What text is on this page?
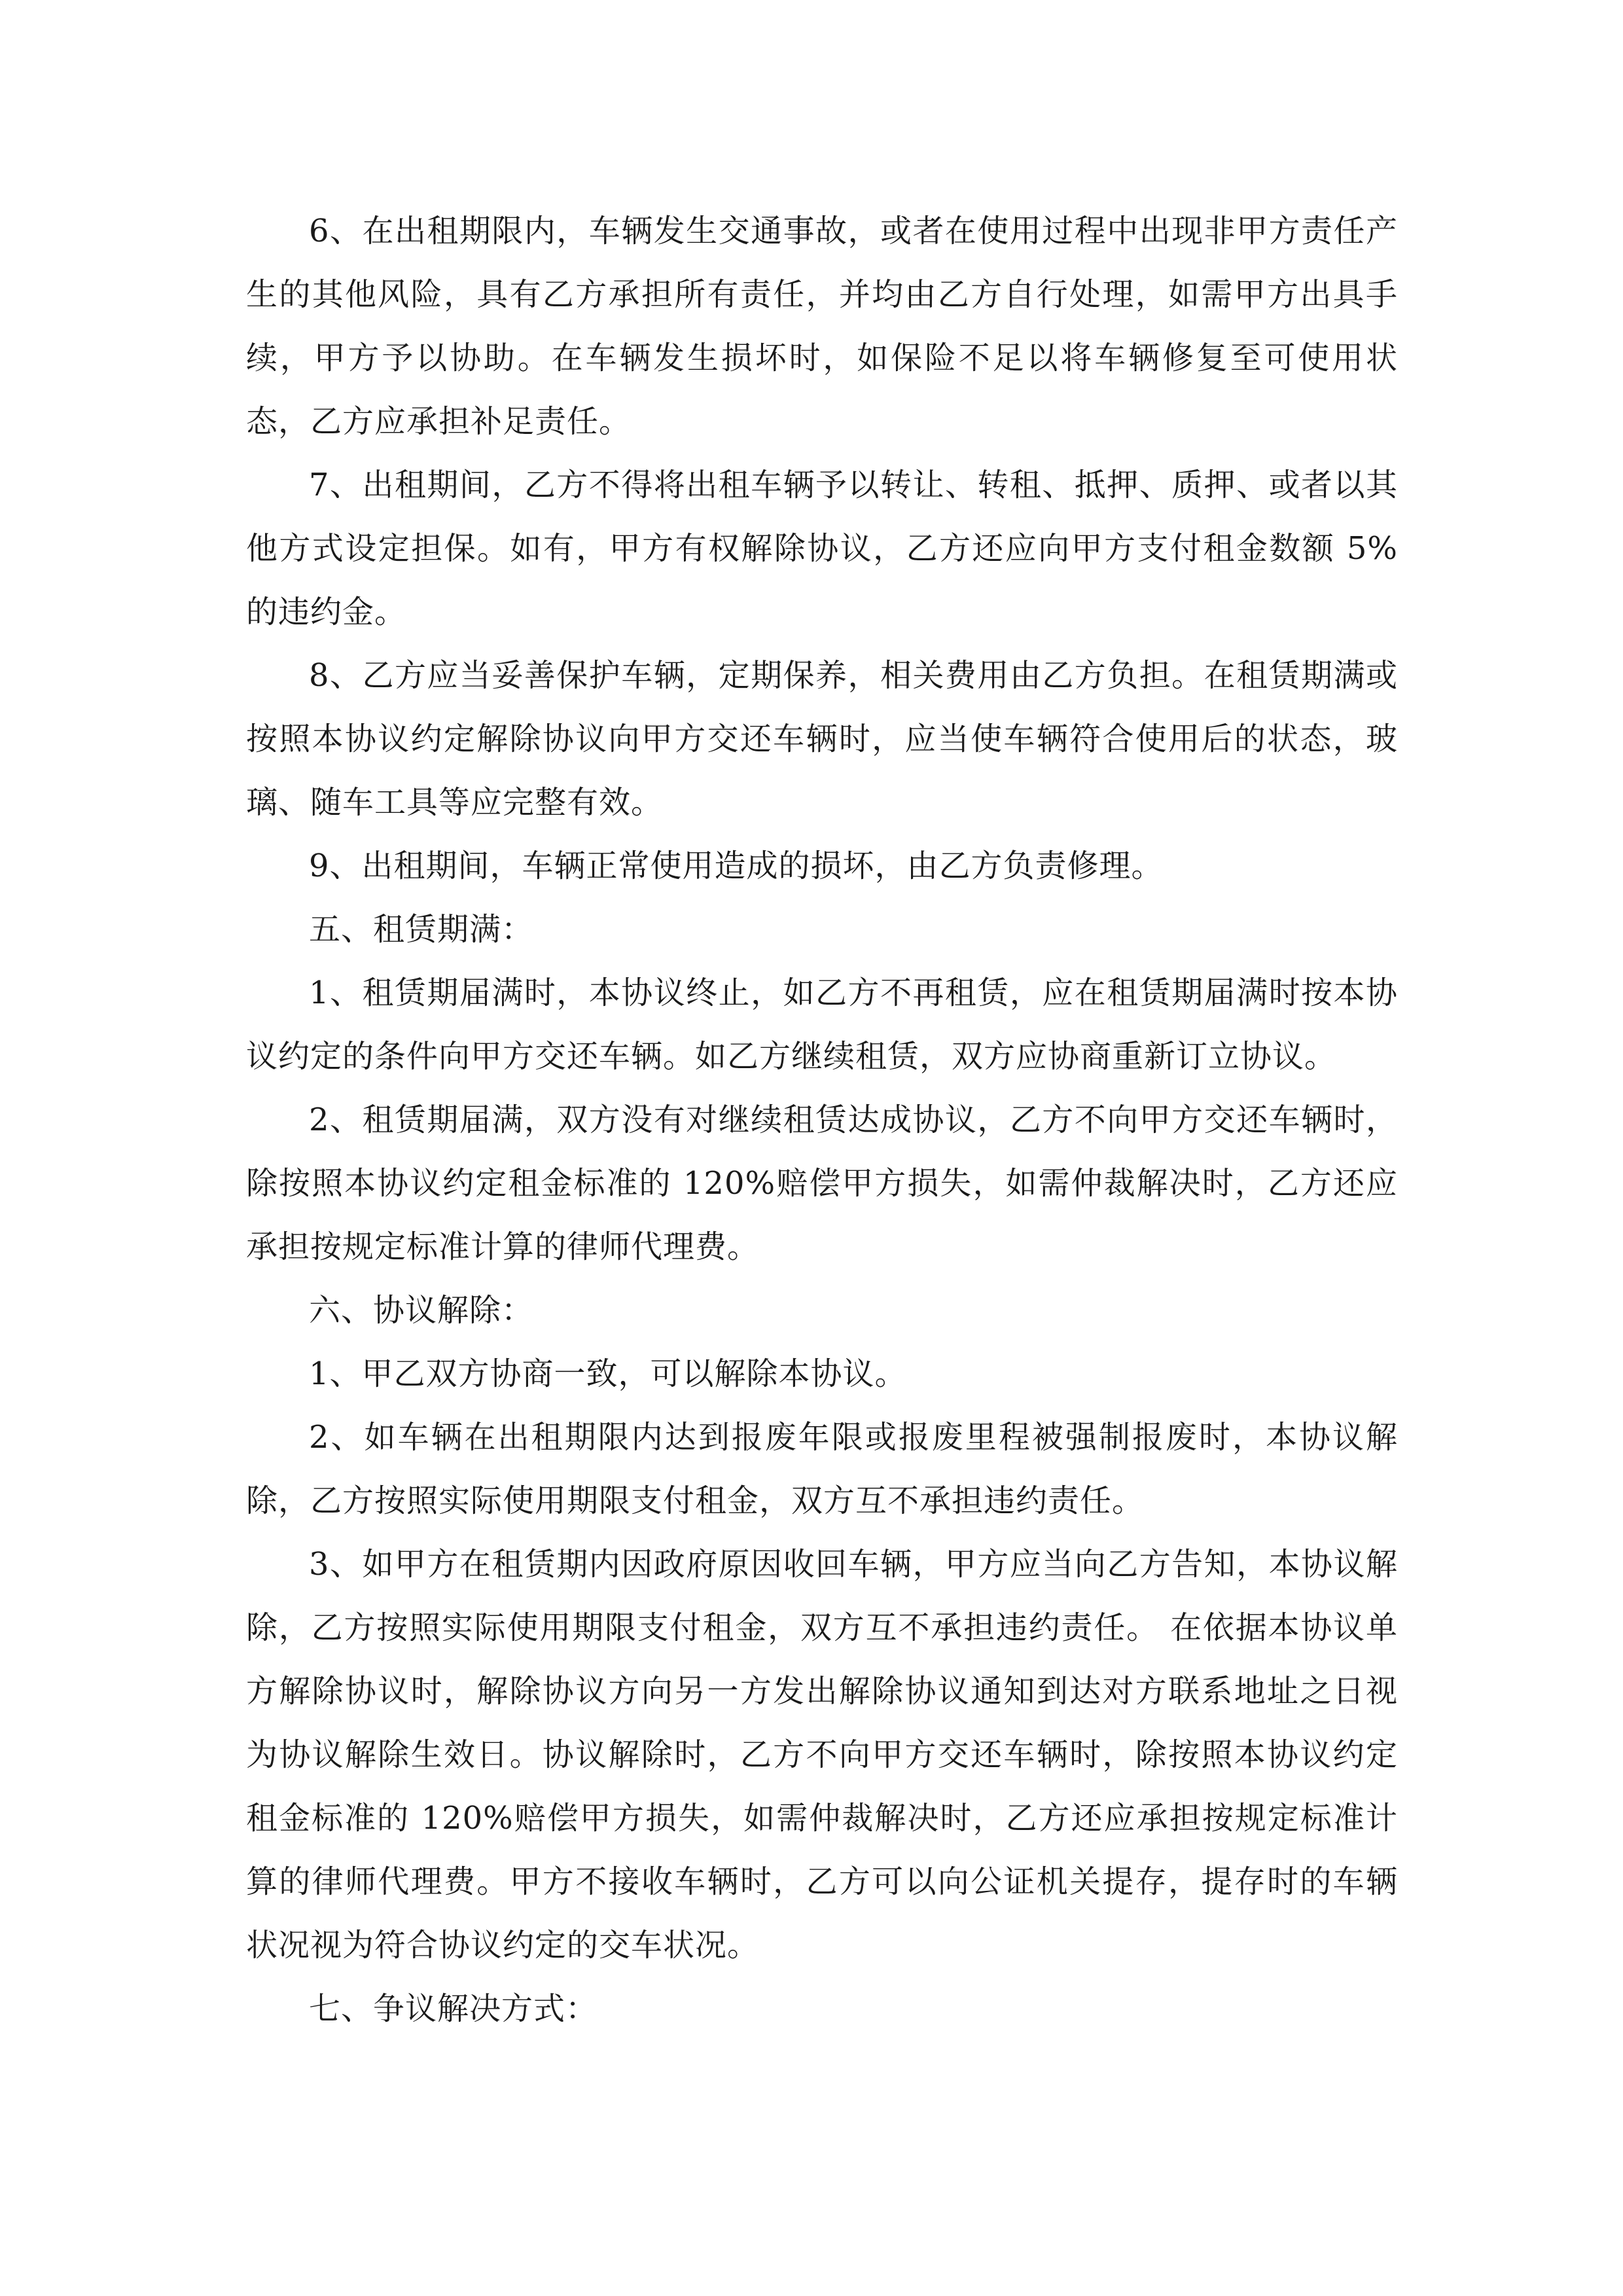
6、在出租期限内，车辆发生交通事故，或者在使用过程中出现非甲方责任产生的其他风险，具有乙方承担所有责任，并均由乙方自行处理，如需甲方出具手续，甲方予以协助。在车辆发生损坏时，如保险不足以将车辆修复至可使用状态，乙方应承担补足责任。

7、出租期间，乙方不得将出租车辆予以转让、转租、抵押、质押、或者以其他方式设定担保。如有，甲方有权解除协议，乙方还应向甲方支付租金数额 5%的违约金。

8、乙方应当妥善保护车辆，定期保养，相关费用由乙方负担。在租赁期满或按照本协议约定解除协议向甲方交还车辆时，应当使车辆符合使用后的状态，玻璃、随车工具等应完整有效。

9、出租期间，车辆正常使用造成的损坏，由乙方负责修理。

五、租赁期满：

1、租赁期届满时，本协议终止，如乙方不再租赁，应在租赁期届满时按本协议约定的条件向甲方交还车辆。如乙方继续租赁，双方应协商重新订立协议。

2、租赁期届满，双方没有对继续租赁达成协议，乙方不向甲方交还车辆时，除按照本协议约定租金标准的 120%赔偿甲方损失，如需仲裁解决时，乙方还应承担按规定标准计算的律师代理费。

六、协议解除：

1、甲乙双方协商一致，可以解除本协议。

2、如车辆在出租期限内达到报废年限或报废里程被强制报废时，本协议解除，乙方按照实际使用期限支付租金，双方互不承担违约责任。

3、如甲方在租赁期内因政府原因收回车辆，甲方应当向乙方告知，本协议解除，乙方按照实际使用期限支付租金，双方互不承担违约责任。 在依据本协议单方解除协议时，解除协议方向另一方发出解除协议通知到达对方联系地址之日视为协议解除生效日。协议解除时，乙方不向甲方交还车辆时，除按照本协议约定租金标准的 120%赔偿甲方损失，如需仲裁解决时，乙方还应承担按规定标准计算的律师代理费。甲方不接收车辆时，乙方可以向公证机关提存，提存时的车辆状况视为符合协议约定的交车状况。

七、争议解决方式：
